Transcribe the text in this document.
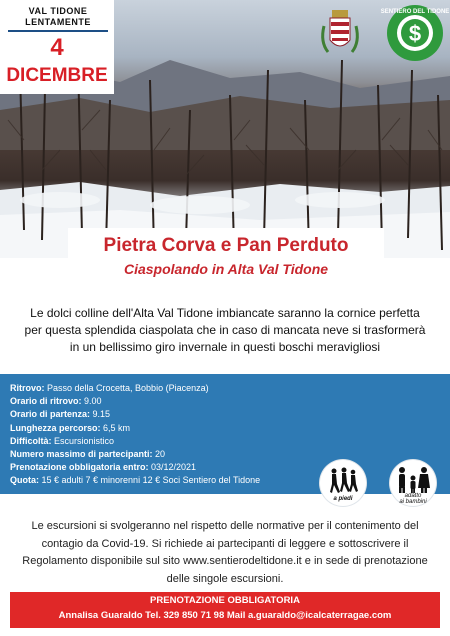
VAL TIDONE
LENTAMENTE
4
DICEMBRE
$
SENTIERO DEL TIDONE
Pietra Corva e Pan Perduto
Ciaspolando in Alta Val Tidone
Le dolci colline dell'Alta Val Tidone imbiancate saranno la cornice perfetta per questa splendida ciaspolata che in caso di mancata neve si trasformerà in un bellissimo giro invernale in questi boschi meravigliosi
Ritrovo: Passo della Crocetta, Bobbio (Piacenza)
Orario di ritrovo: 9.00
Orario di partenza: 9.15
Lunghezza percorso: 6,5 km
Difficoltà: Escursionistico
Numero massimo di partecipanti: 20
Prenotazione obbligatoria entro: 03/12/2021
Quota: 15 € adulti 7 € minorenni 12 € Soci Sentiero del Tidone
a piedi	adatto
ai bambini
Le escursioni si svolgeranno nel rispetto delle normative per il contenimento del contagio da Covid-19. Si richiede ai partecipanti di leggere e sottoscrivere il Regolamento disponibile sul sito www.sentierodeltidone.it e in sede di prenotazione delle singole escursioni.
PRENOTAZIONE OBBLIGATORIA
Annalisa Guaraldo Tel. 329 850 71 98 Mail a.guaraldo@icalcaterragae.com
